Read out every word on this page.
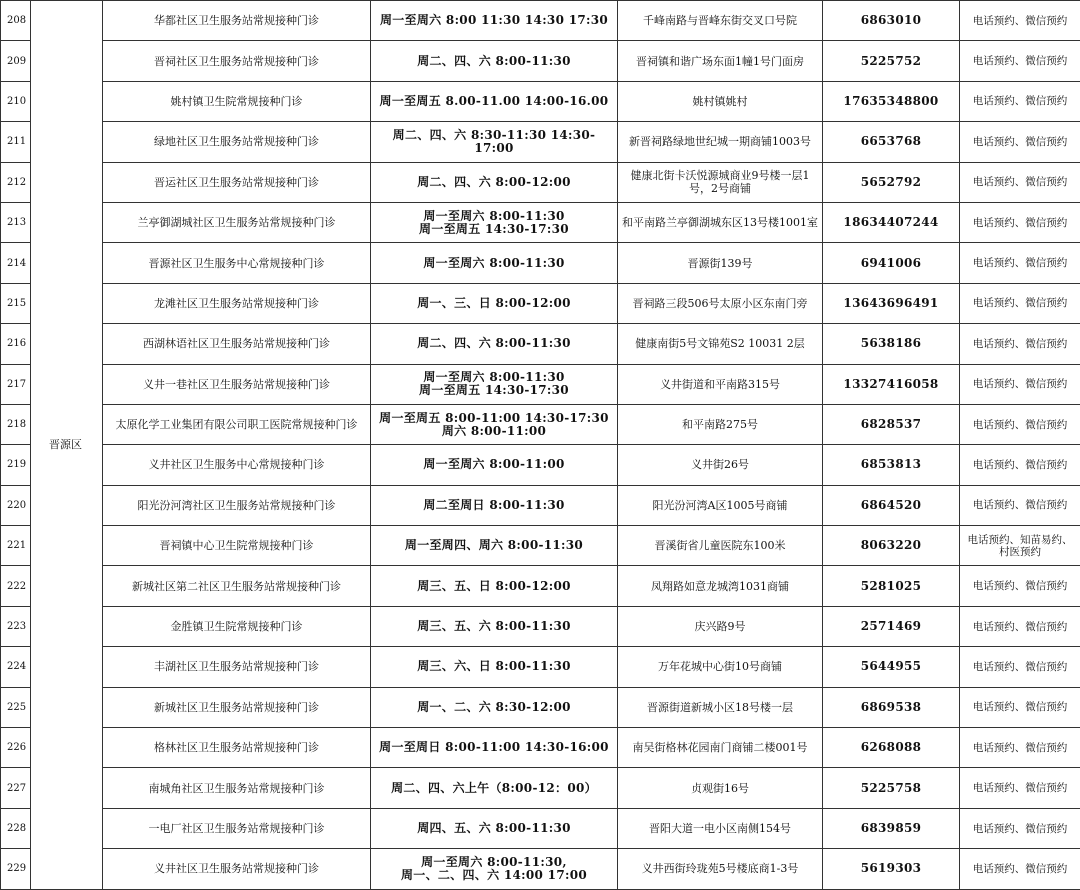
208	晋源区	华都社区卫生服务站常规接种门诊	周一至周六 8:00 11:30 14:30 17:30	千峰南路与晋峰东街交叉口号院	6863010	电话预约、微信预约
209		晋祠社区卫生服务站常规接种门诊	周二、四、六 8:00-11:30	晋祠镇和谐广场东面1幢1号门面房	5225752	电话预约、微信预约
210		姚村镇卫生院常规接种门诊	周一至周五 8.00-11.00 14:00-16.00	姚村镇姚村	17635348800	电话预约、微信预约
211		绿地社区卫生服务站常规接种门诊	周二、四、六 8:30-11:30 14:30-17:00	新晋祠路绿地世纪城一期商铺1003号	6653768	电话预约、微信预约
212		晋运社区卫生服务站常规接种门诊	周二、四、六 8:00-12:00	健康北街卡沃悦源城商业9号楼一层1号，2号商铺	5652792	电话预约、微信预约
213		兰亭御湖城社区卫生服务站常规接种门诊	周一至周六 8:00-11:30
周一至周五 14:30-17:30	和平南路兰亭御湖城东区13号楼1001室	18634407244	电话预约、微信预约
214		晋源社区卫生服务中心常规接种门诊	周一至周六 8:00-11:30	晋源街139号	6941006	电话预约、微信预约
215		龙滩社区卫生服务站常规接种门诊	周一、三、日 8:00-12:00	晋祠路三段506号太原小区东南门旁	13643696491	电话预约、微信预约
216		西湖林语社区卫生服务站常规接种门诊	周二、四、六 8:00-11:30	健康南街5号文锦苑S2 10031 2层	5638186	电话预约、微信预约
217		义井一巷社区卫生服务站常规接种门诊	周一至周六 8:00-11:30
周一至周五 14:30-17:30	义井街道和平南路315号	13327416058	电话预约、微信预约
218		太原化学工业集团有限公司职工医院常规接种门诊	周一至周五 8:00-11:00 14:30-17:30
周六 8:00-11:00	和平南路275号	6828537	电话预约、微信预约
219		义井社区卫生服务中心常规接种门诊	周一至周六 8:00-11:00	义井街26号	6853813	电话预约、微信预约
220		阳光汾河湾社区卫生服务站常规接种门诊	周二至周日 8:00-11:30	阳光汾河湾A区1005号商铺	6864520	电话预约、微信预约
221		晋祠镇中心卫生院常规接种门诊	周一至周四、周六 8:00-11:30	晋溪街省儿童医院东100米	8063220	电话预约、知苗易约、村医预约
222		新城社区第二社区卫生服务站常规接种门诊	周三、五、日 8:00-12:00	凤翔路如意龙城湾1031商铺	5281025	电话预约、微信预约
223		金胜镇卫生院常规接种门诊	周三、五、六 8:00-11:30	庆兴路9号	2571469	电话预约、微信预约
224		丰湖社区卫生服务站常规接种门诊	周三、六、日 8:00-11:30	万年花城中心街10号商铺	5644955	电话预约、微信预约
225		新城社区卫生服务站常规接种门诊	周一、二、六 8:30-12:00	晋源街道新城小区18号楼一层	6869538	电话预约、微信预约
226		格林社区卫生服务站常规接种门诊	周一至周日 8:00-11:00 14:30-16:00	南吴街格林花园南门商铺二楼001号	6268088	电话预约、微信预约
227		南城角社区卫生服务站常规接种门诊	周二、四、六上午（8:00-12：00）	贞观街16号	5225758	电话预约、微信预约
228		一电厂社区卫生服务站常规接种门诊	周四、五、六 8:00-11:30	晋阳大道一电小区南侧154号	6839859	电话预约、微信预约
229		义井社区卫生服务站常规接种门诊	周一至周六 8:00-11:30,
周一、二、四、六 14:00 17:00	义井西街玲珑苑5号楼底商1-3号	5619303	电话预约、微信预约
